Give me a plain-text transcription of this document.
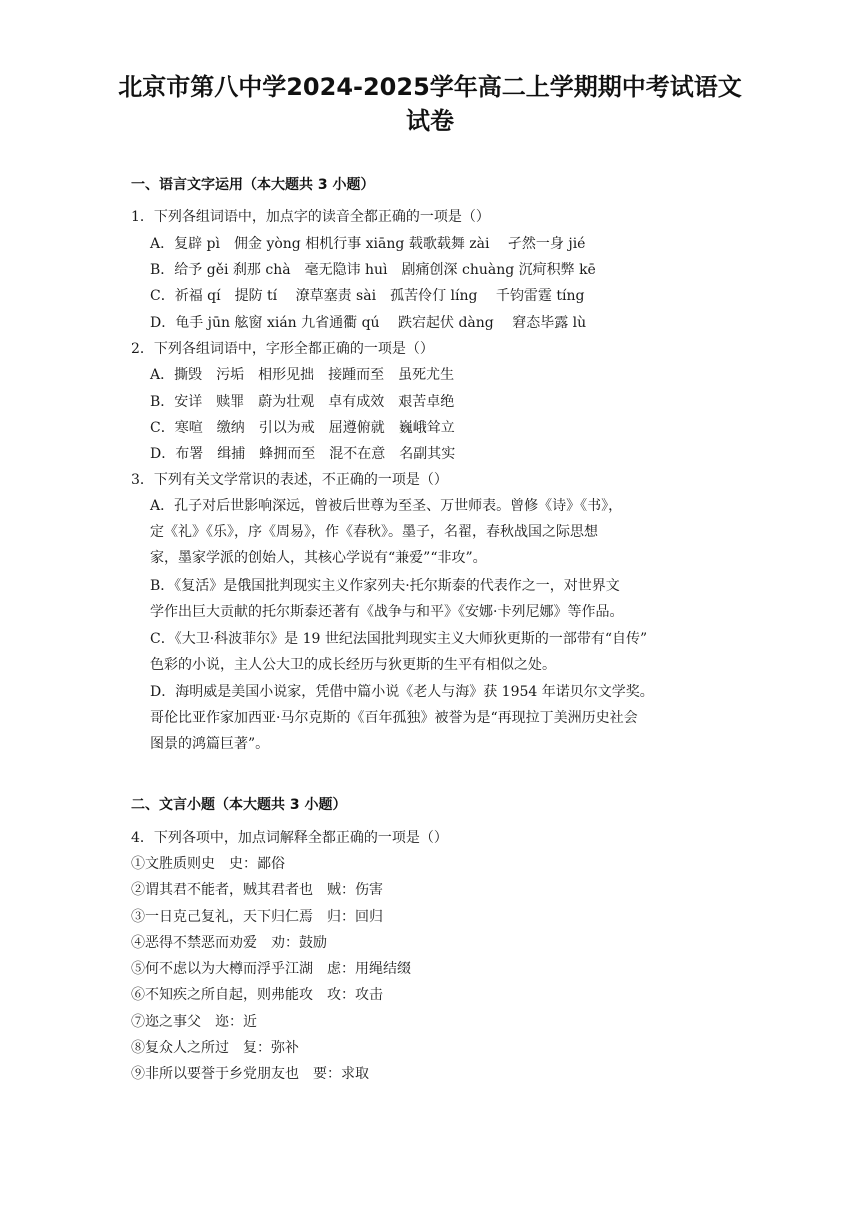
北京市第八中学2024-2025学年高二上学期期中考试语文
试卷
一、语言文字运用（本大题共 3 小题）
1．下列各组词语中，加点字的读音全都正确的一项是（）
A．复辟 pì　佣金 yòng 相机行事 xiāng 载歌载舞 zài　 孑然一身 jié
B．给予 gěi 刹那 chà　毫无隐讳 huì　剧痛创深 chuàng 沉疴积弊 kē
C．祈福 qí　提防 tí　 潦草塞责 sài　孤苦伶仃 líng　 千钧雷霆 tíng
D．龟手 jūn 舷窗 xián 九省通衢 qú　 跌宕起伏 dàng　 窘态毕露 lù
2．下列各组词语中，字形全都正确的一项是（）
A．撕毁　污垢　相形见拙　接踵而至　虽死尤生
B．安详　赎罪　蔚为壮观　卓有成效　艰苦卓绝
C．寒喧　缴纳　引以为戒　屈遵俯就　巍峨耸立
D．布署　缉捕　蜂拥而至　混不在意　名副其实
3．下列有关文学常识的表述，不正确的一项是（）
A．孔子对后世影响深远，曾被后世尊为至圣、万世师表。曾修《诗》《书》，
定《礼》《乐》，序《周易》，作《春秋》。墨子，名翟，春秋战国之际思想
家，墨家学派的创始人，其核心学说有“兼爱”“非攻”。
B．《复活》是俄国批判现实主义作家列夫·托尔斯泰的代表作之一，对世界文
学作出巨大贡献的托尔斯泰还著有《战争与和平》《安娜·卡列尼娜》等作品。
C．《大卫·科波菲尔》是 19 世纪法国批判现实主义大师狄更斯的一部带有“自传”
色彩的小说，主人公大卫的成长经历与狄更斯的生平有相似之处。
D．海明威是美国小说家，凭借中篇小说《老人与海》获 1954 年诺贝尔文学奖。
哥伦比亚作家加西亚·马尔克斯的《百年孤独》被誉为是“再现拉丁美洲历史社会
图景的鸿篇巨著”。
二、文言小题（本大题共 3 小题）
4．下列各项中，加点词解释全都正确的一项是（）
①文胜质则史　史：鄙俗
②谓其君不能者，贼其君者也　贼：伤害
③一日克己复礼，天下归仁焉　归：回归
④恶得不禁恶而劝爱　劝：鼓励
⑤何不虑以为大樽而浮乎江湖　虑：用绳结缀
⑥不知疾之所自起，则弗能攻　攻：攻击
⑦迩之事父　迩：近
⑧复众人之所过　复：弥补
⑨非所以要誉于乡党朋友也　要：求取
